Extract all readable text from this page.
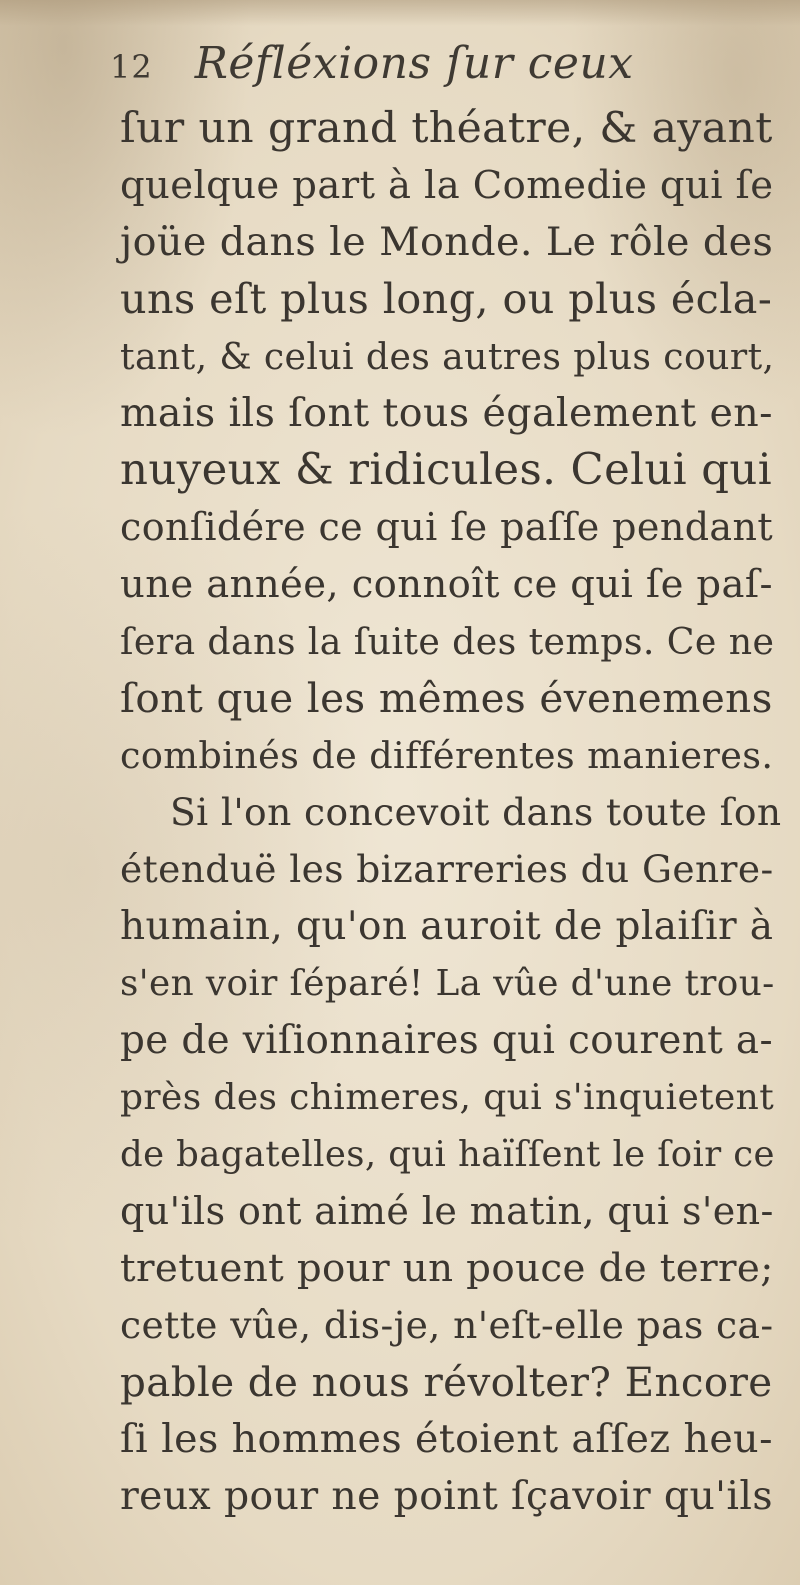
12 Réfléxions ſur ceux
ſur un grand théatre, & ayant
quelque part à la Comedie qui ſe
joüe dans le Monde. Le rôle des
uns eſt plus long, ou plus écla-
tant, & celui des autres plus court,
mais ils ſont tous également en-
nuyeux & ridicules. Celui qui
conſidére ce qui ſe paſſe pendant
une année, connoît ce qui ſe paſ-
ſera dans la ſuite des temps. Ce ne
ſont que les mêmes évenemens
combinés de différentes manieres.
Si l'on concevoit dans toute ſon
étenduë les bizarreries du Genre-
humain, qu'on auroit de plaiſir à
s'en voir ſéparé! La vûe d'une trou-
pe de viſionnaires qui courent a-
près des chimeres, qui s'inquietent
de bagatelles, qui haïſſent le ſoir ce
qu'ils ont aimé le matin, qui s'en-
tretuent pour un pouce de terre;
cette vûe, dis-je, n'eſt-elle pas ca-
pable de nous révolter? Encore
ſi les hommes étoient aſſez heu-
reux pour ne point ſçavoir qu'ils
